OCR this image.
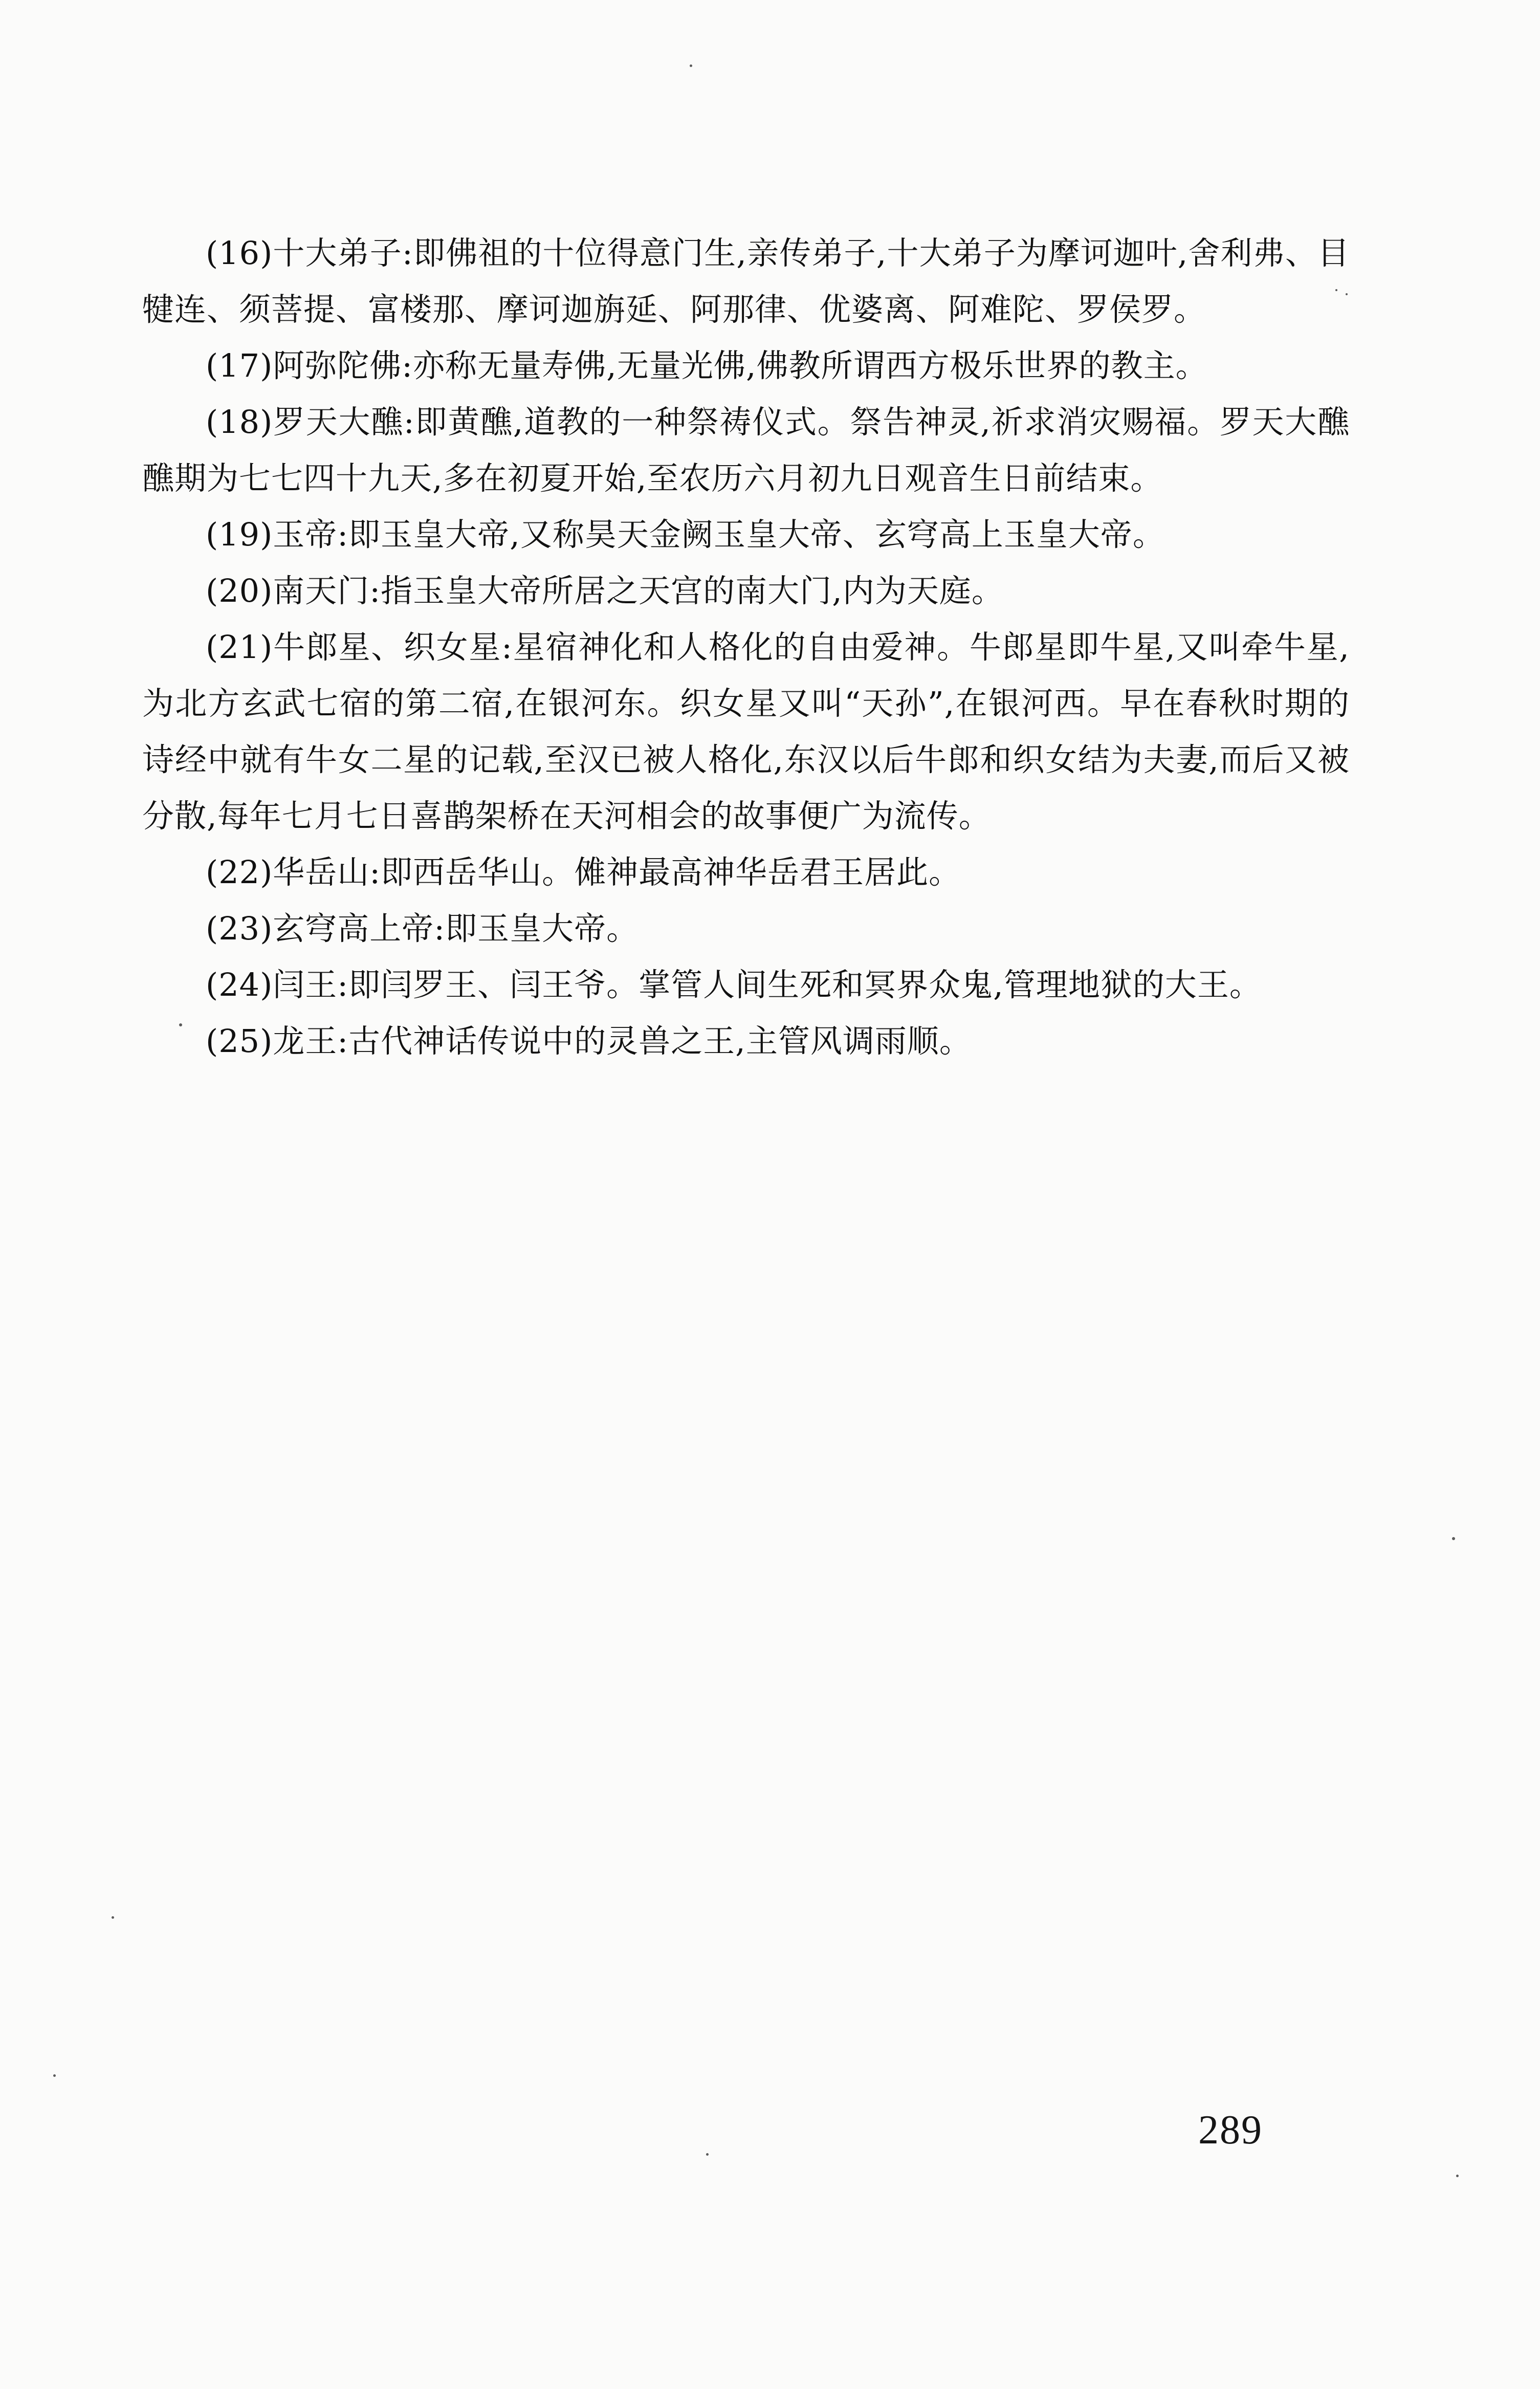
(16)十大弟子:即佛祖的十位得意门生,亲传弟子,十大弟子为摩诃迦叶,舍利弗、目犍连、须菩提、富楼那、摩诃迦旃延、阿那律、优婆离、阿难陀、罗侯罗。

(17)阿弥陀佛:亦称无量寿佛,无量光佛,佛教所谓西方极乐世界的教主。

(18)罗天大醮:即黄醮,道教的一种祭祷仪式。祭告神灵,祈求消灾赐福。罗天大醮醮期为七七四十九天,多在初夏开始,至农历六月初九日观音生日前结束。

(19)玉帝:即玉皇大帝,又称昊天金阙玉皇大帝、玄穹高上玉皇大帝。

(20)南天门:指玉皇大帝所居之天宫的南大门,内为天庭。

(21)牛郎星、织女星:星宿神化和人格化的自由爱神。牛郎星即牛星,又叫牵牛星,为北方玄武七宿的第二宿,在银河东。织女星又叫“天孙”,在银河西。早在春秋时期的诗经中就有牛女二星的记载,至汉已被人格化,东汉以后牛郎和织女结为夫妻,而后又被分散,每年七月七日喜鹊架桥在天河相会的故事便广为流传。

(22)华岳山:即西岳华山。傩神最高神华岳君王居此。

(23)玄穹高上帝:即玉皇大帝。

(24)闫王:即闫罗王、闫王爷。掌管人间生死和冥界众鬼,管理地狱的大王。

(25)龙王:古代神话传说中的灵兽之王,主管风调雨顺。

289
